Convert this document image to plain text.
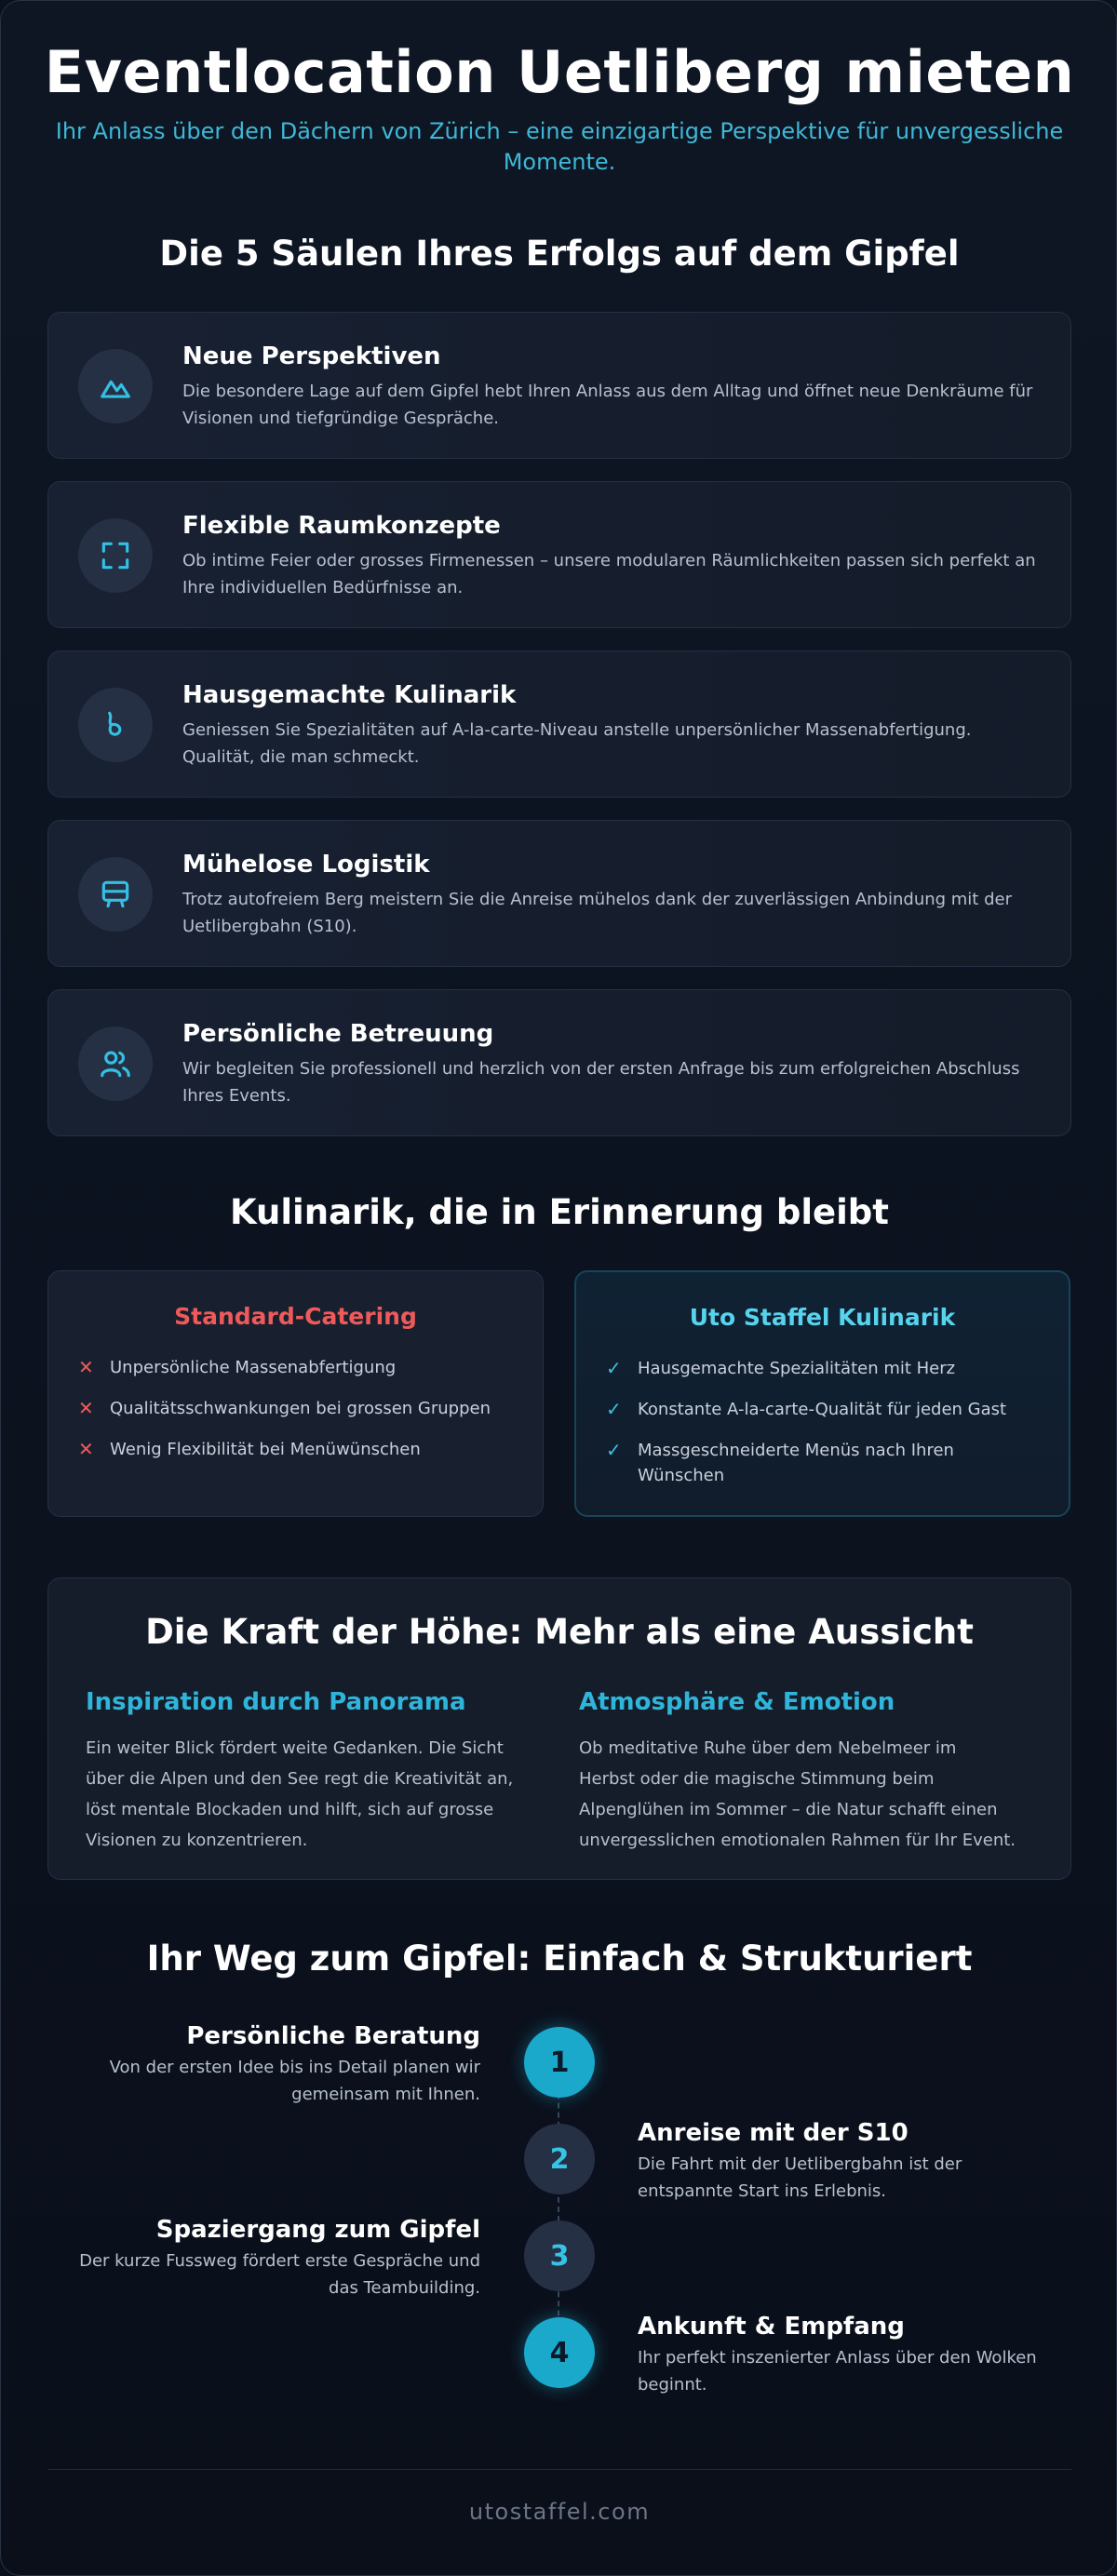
Eventlocation Uetliberg mieten

Ihr Anlass über den Dächern von Zürich – eine einzigartige Perspektive für unvergessliche Momente.

Die 5 Säulen Ihres Erfolgs auf dem Gipfel
Neue Perspektiven
Die besondere Lage auf dem Gipfel hebt Ihren Anlass aus dem Alltag und öffnet neue Denkräume für Visionen und tiefgründige Gespräche.
Flexible Raumkonzepte
Ob intime Feier oder grosses Firmenessen – unsere modularen Räumlichkeiten passen sich perfekt an Ihre individuellen Bedürfnisse an.
Hausgemachte Kulinarik
Geniessen Sie Spezialitäten auf A-la-carte-Niveau anstelle unpersönlicher Massenabfertigung. Qualität, die man schmeckt.
Mühelose Logistik
Trotz autofreiem Berg meistern Sie die Anreise mühelos dank der zuverlässigen Anbindung mit der Uetlibergbahn (S10).
Persönliche Betreuung
Wir begleiten Sie professionell und herzlich von der ersten Anfrage bis zum erfolgreichen Abschluss Ihres Events.
Kulinarik, die in Erinnerung bleibt
Standard-Catering
✕ Unpersönliche Massenabfertigung
✕ Qualitätsschwankungen bei grossen Gruppen
✕ Wenig Flexibilität bei Menüwünschen
Uto Staffel Kulinarik
✓ Hausgemachte Spezialitäten mit Herz
✓ Konstante A-la-carte-Qualität für jeden Gast
✓ Massgeschneiderte Menüs nach Ihren Wünschen
Die Kraft der Höhe: Mehr als eine Aussicht
Inspiration durch Panorama
Ein weiter Blick fördert weite Gedanken. Die Sicht über die Alpen und den See regt die Kreativität an, löst mentale Blockaden und hilft, sich auf grosse Visionen zu konzentrieren.
Atmosphäre & Emotion
Ob meditative Ruhe über dem Nebelmeer im Herbst oder die magische Stimmung beim Alpenglühen im Sommer – die Natur schafft einen unvergesslichen emotionalen Rahmen für Ihr Event.
Ihr Weg zum Gipfel: Einfach & Strukturiert
1
Persönliche Beratung
Von der ersten Idee bis ins Detail planen wir gemeinsam mit Ihnen.
2
Anreise mit der S10
Die Fahrt mit der Uetlibergbahn ist der entspannte Start ins Erlebnis.
3
Spaziergang zum Gipfel
Der kurze Fussweg fördert erste Gespräche und das Teambuilding.
4
Ankunft & Empfang
Ihr perfekt inszenierter Anlass über den Wolken beginnt.
utostaffel.com
